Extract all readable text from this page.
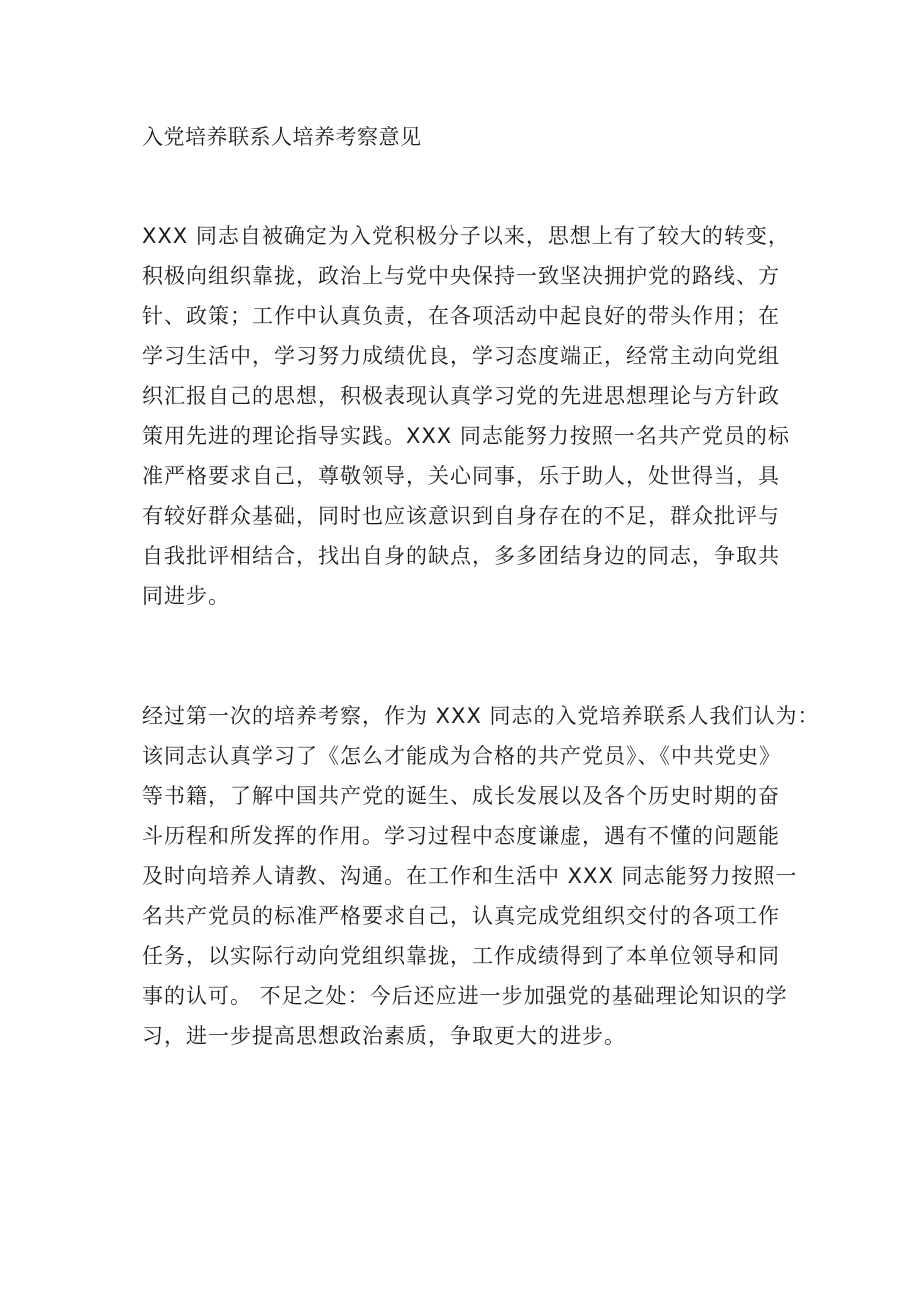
入党培养联系人培养考察意见
XXX 同志自被确定为入党积极分子以来，思想上有了较大的转变，
积极向组织靠拢，政治上与党中央保持一致坚决拥护党的路线、方
针、政策；工作中认真负责，在各项活动中起良好的带头作用；在
学习生活中，学习努力成绩优良，学习态度端正，经常主动向党组
织汇报自己的思想，积极表现认真学习党的先进思想理论与方针政
策用先进的理论指导实践。XXX 同志能努力按照一名共产党员的标
准严格要求自己，尊敬领导，关心同事，乐于助人，处世得当，具
有较好群众基础，同时也应该意识到自身存在的不足，群众批评与
自我批评相结合，找出自身的缺点，多多团结身边的同志，争取共
同进步。
经过第一次的培养考察，作为 XXX 同志的入党培养联系人我们认为：
该同志认真学习了《怎么才能成为合格的共产党员》、《中共党史》
等书籍，了解中国共产党的诞生、成长发展以及各个历史时期的奋
斗历程和所发挥的作用。学习过程中态度谦虚，遇有不懂的问题能
及时向培养人请教、沟通。在工作和生活中 XXX 同志能努力按照一
名共产党员的标准严格要求自己，认真完成党组织交付的各项工作
任务，以实际行动向党组织靠拢，工作成绩得到了本单位领导和同
事的认可。 不足之处：今后还应进一步加强党的基础理论知识的学
习，进一步提高思想政治素质，争取更大的进步。
